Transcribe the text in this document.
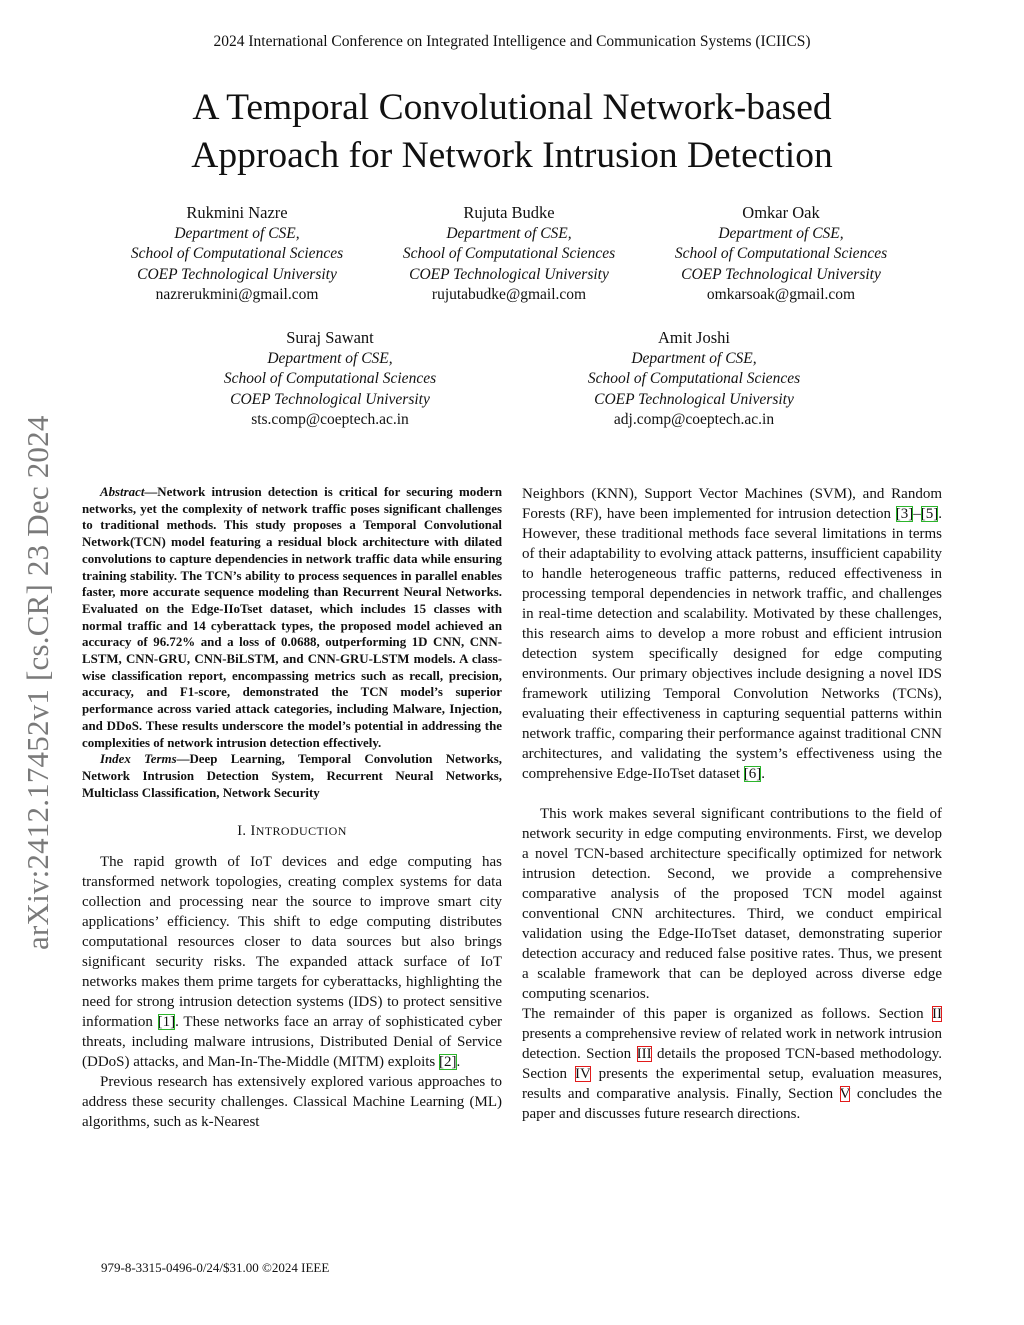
2024 International Conference on Integrated Intelligence and Communication Systems (ICIICS)
A Temporal Convolutional Network-based
Approach for Network Intrusion Detection
Rukmini Nazre
Department of CSE,
School of Computational Sciences
COEP Technological University
nazrerukmini@gmail.com
Rujuta Budke
Department of CSE,
School of Computational Sciences
COEP Technological University
rujutabudke@gmail.com
Omkar Oak
Department of CSE,
School of Computational Sciences
COEP Technological University
omkarsoak@gmail.com
Suraj Sawant
Department of CSE,
School of Computational Sciences
COEP Technological University
sts.comp@coeptech.ac.in
Amit Joshi
Department of CSE,
School of Computational Sciences
COEP Technological University
adj.comp@coeptech.ac.in
arXiv:2412.17452v1 [cs.CR] 23 Dec 2024	Abstract—Network intrusion detection is critical for securing modern networks, yet the complexity of network traffic poses significant challenges to traditional methods. This study proposes a Temporal Convolutional Network(TCN) model featuring a residual block architecture with dilated convolutions to capture dependencies in network traffic data while ensuring training stability. The TCN’s ability to process sequences in parallel enables faster, more accurate sequence modeling than Recurrent Neural Networks. Evaluated on the Edge-IIoTset dataset, which includes 15 classes with normal traffic and 14 cyberattack types, the proposed model achieved an accuracy of 96.72% and a loss of 0.0688, outperforming 1D CNN, CNN-LSTM, CNN-GRU, CNN-BiLSTM, and CNN-GRU-LSTM models. A class-wise classification report, encompassing metrics such as recall, precision, accuracy, and F1-score, demonstrated the TCN model’s superior performance across varied attack categories, including Malware, Injection, and DDoS. These results underscore the model’s potential in addressing the complexities of network intrusion detection effectively.

Index Terms—Deep Learning, Temporal Convolution Networks, Network Intrusion Detection System, Recurrent Neural Networks, Multiclass Classification, Network Security

I. INTRODUCTION

The rapid growth of IoT devices and edge computing has transformed network topologies, creating complex systems for data collection and processing near the source to improve smart city applications’ efficiency. This shift to edge computing distributes computational resources closer to data sources but also brings significant security risks. The expanded attack surface of IoT networks makes them prime targets for cyberattacks, highlighting the need for strong intrusion detection systems (IDS) to protect sensitive information [1]. These networks face an array of sophisticated cyber threats, including malware intrusions, Distributed Denial of Service (DDoS) attacks, and Man-In-The-Middle (MITM) exploits [2].

Previous research has extensively explored various approaches to address these security challenges. Classical Machine Learning (ML) algorithms, such as k-Nearest

Neighbors (KNN), Support Vector Machines (SVM), and Random Forests (RF), have been implemented for intrusion detection [3]–[5]. However, these traditional methods face several limitations in terms of their adaptability to evolving attack patterns, insufficient capability to handle heterogeneous traffic patterns, reduced effectiveness in processing temporal dependencies in network traffic, and challenges in real-time detection and scalability. Motivated by these challenges, this research aims to develop a more robust and efficient intrusion detection system specifically designed for edge computing environments. Our primary objectives include designing a novel IDS framework utilizing Temporal Convolution Networks (TCNs), evaluating their effectiveness in capturing sequential patterns within network traffic, comparing their performance against traditional CNN architectures, and validating the system’s effectiveness using the comprehensive Edge-IIoTset dataset [6].

This work makes several significant contributions to the field of network security in edge computing environments. First, we develop a novel TCN-based architecture specifically optimized for network intrusion detection. Second, we provide a comprehensive comparative analysis of the proposed TCN model against conventional CNN architectures. Third, we conduct empirical validation using the Edge-IIoTset dataset, demonstrating superior detection accuracy and reduced false positive rates. Thus, we present a scalable framework that can be deployed across diverse edge computing scenarios.

The remainder of this paper is organized as follows. Section II presents a comprehensive review of related work in network intrusion detection. Section III details the proposed TCN-based methodology. Section IV presents the experimental setup, evaluation measures, results and comparative analysis. Finally, Section V concludes the paper and discusses future research directions.

979-8-3315-0496-0/24/$31.00 ©2024 IEEE
